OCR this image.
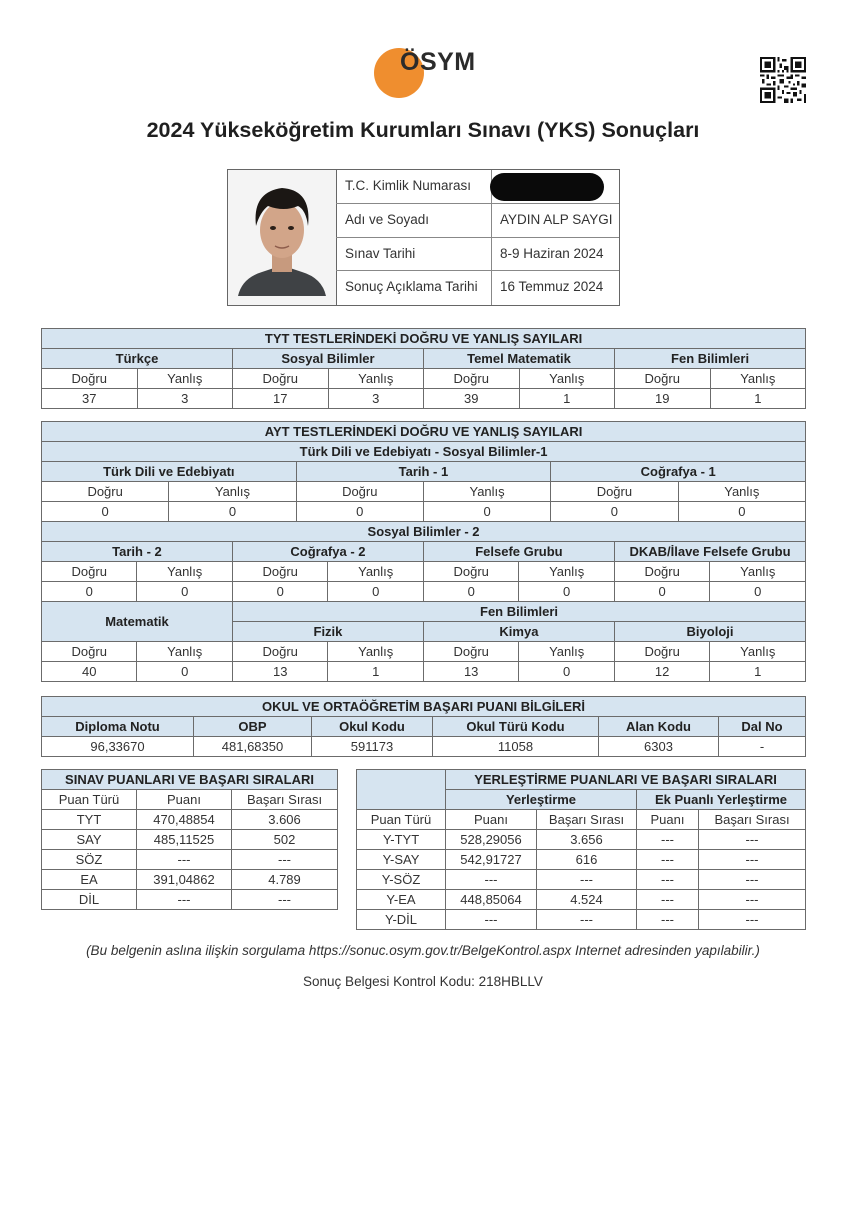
ÖSYM
2024 Yükseköğretim Kurumları Sınavı (YKS) Sonuçları
T.C. Kimlik Numarası
Adı ve Soyadı	AYDIN ALP SAYGI
Sınav Tarihi	8-9 Haziran 2024
Sonuç Açıklama Tarihi	16 Temmuz 2024
TYT TESTLERİNDEKİ DOĞRU VE YANLIŞ SAYILARI							
Türkçe		Sosyal Bilimler		Temel Matematik		Fen Bilimleri	
Doğru	Yanlış	Doğru	Yanlış	Doğru	Yanlış	Doğru	Yanlış
37	3	17	3	39	1	19	1
AYT TESTLERİNDEKİ DOĞRU VE YANLIŞ SAYILARI											
Türk Dili ve Edebiyatı - Sosyal Bilimler-1											
Türk Dili ve Edebiyatı				Tarih - 1				Coğrafya - 1			
Doğru		Yanlış		Doğru		Yanlış		Doğru		Yanlış	
0		0		0		0		0		0	
Sosyal Bilimler - 2											
Tarih - 2			Coğrafya - 2			Felsefe Grubu			DKAB/İlave Felsefe Grubu		
Doğru	Yanlış		Doğru		Yanlış	Doğru	Yanlış		Doğru		Yanlış
0	0		0		0	0	0		0		0
Matematik			Fen Bilimleri								
			Fizik			Kimya			Biyoloji		
Doğru	Yanlış		Doğru		Yanlış	Doğru	Yanlış		Doğru		Yanlış
40	0		13		1	13	0		12		1
OKUL VE ORTAÖĞRETİM BAŞARI PUANI BİLGİLERİ					
Diploma Notu	OBP	Okul Kodu	Okul Türü Kodu	Alan Kodu	Dal No
96,33670	481,68350	591173	11058	6303	-
SINAV PUANLARI VE BAŞARI SIRALARI		
Puan Türü	Puanı	Başarı Sırası
TYT	470,48854	3.606
SAY	485,11525	502
SÖZ	---	---
EA	391,04862	4.789
DİL	---	---
	YERLEŞTİRME PUANLARI VE BAŞARI SIRALARI			
	Yerleştirme		Ek Puanlı Yerleştirme	
Puan Türü	Puanı	Başarı Sırası	Puanı	Başarı Sırası
Y-TYT	528,29056	3.656	---	---
Y-SAY	542,91727	616	---	---
Y-SÖZ	---	---	---	---
Y-EA	448,85064	4.524	---	---
Y-DİL	---	---	---	---
(Bu belgenin aslına ilişkin sorgulama https://sonuc.osym.gov.tr/BelgeKontrol.aspx Internet adresinden yapılabilir.)
Sonuç Belgesi Kontrol Kodu: 218HBLLV
